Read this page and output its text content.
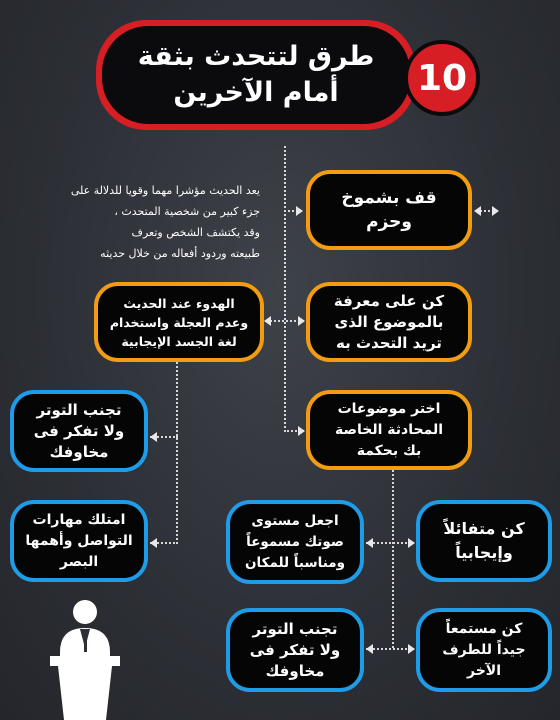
طرق لتتحدث بثقة
أمام الآخرين	10
يعد الحديث مؤشرا مهما وقويا للدلالة على
جزء كبير من شخصية المتحدث ،
وقد يكتشف الشخص وتعرف
طبيعته وردود أفعاله من خلال حديثه
قف بشموخ
وحزم
كن على معرفة
بالموضوع الذى
تريد التحدث به
الهدوء عند الحديث
وعدم العجلة واستخدام
لغة الجسد الإيجابية
اختر موضوعات
المحادثة الخاصة
بك بحكمة
تجنب التوتر
ولا تفكر فى
مخاوفك
امتلك مهارات
التواصل وأهمها
البصر
اجعل مستوى
صوتك مسموعاً
ومناسباً للمكان
كن متفائلاً
وإيجابياً
تجنب التوتر
ولا تفكر فى
مخاوفك
كن مستمعاً
جيداً للطرف
الآخر
